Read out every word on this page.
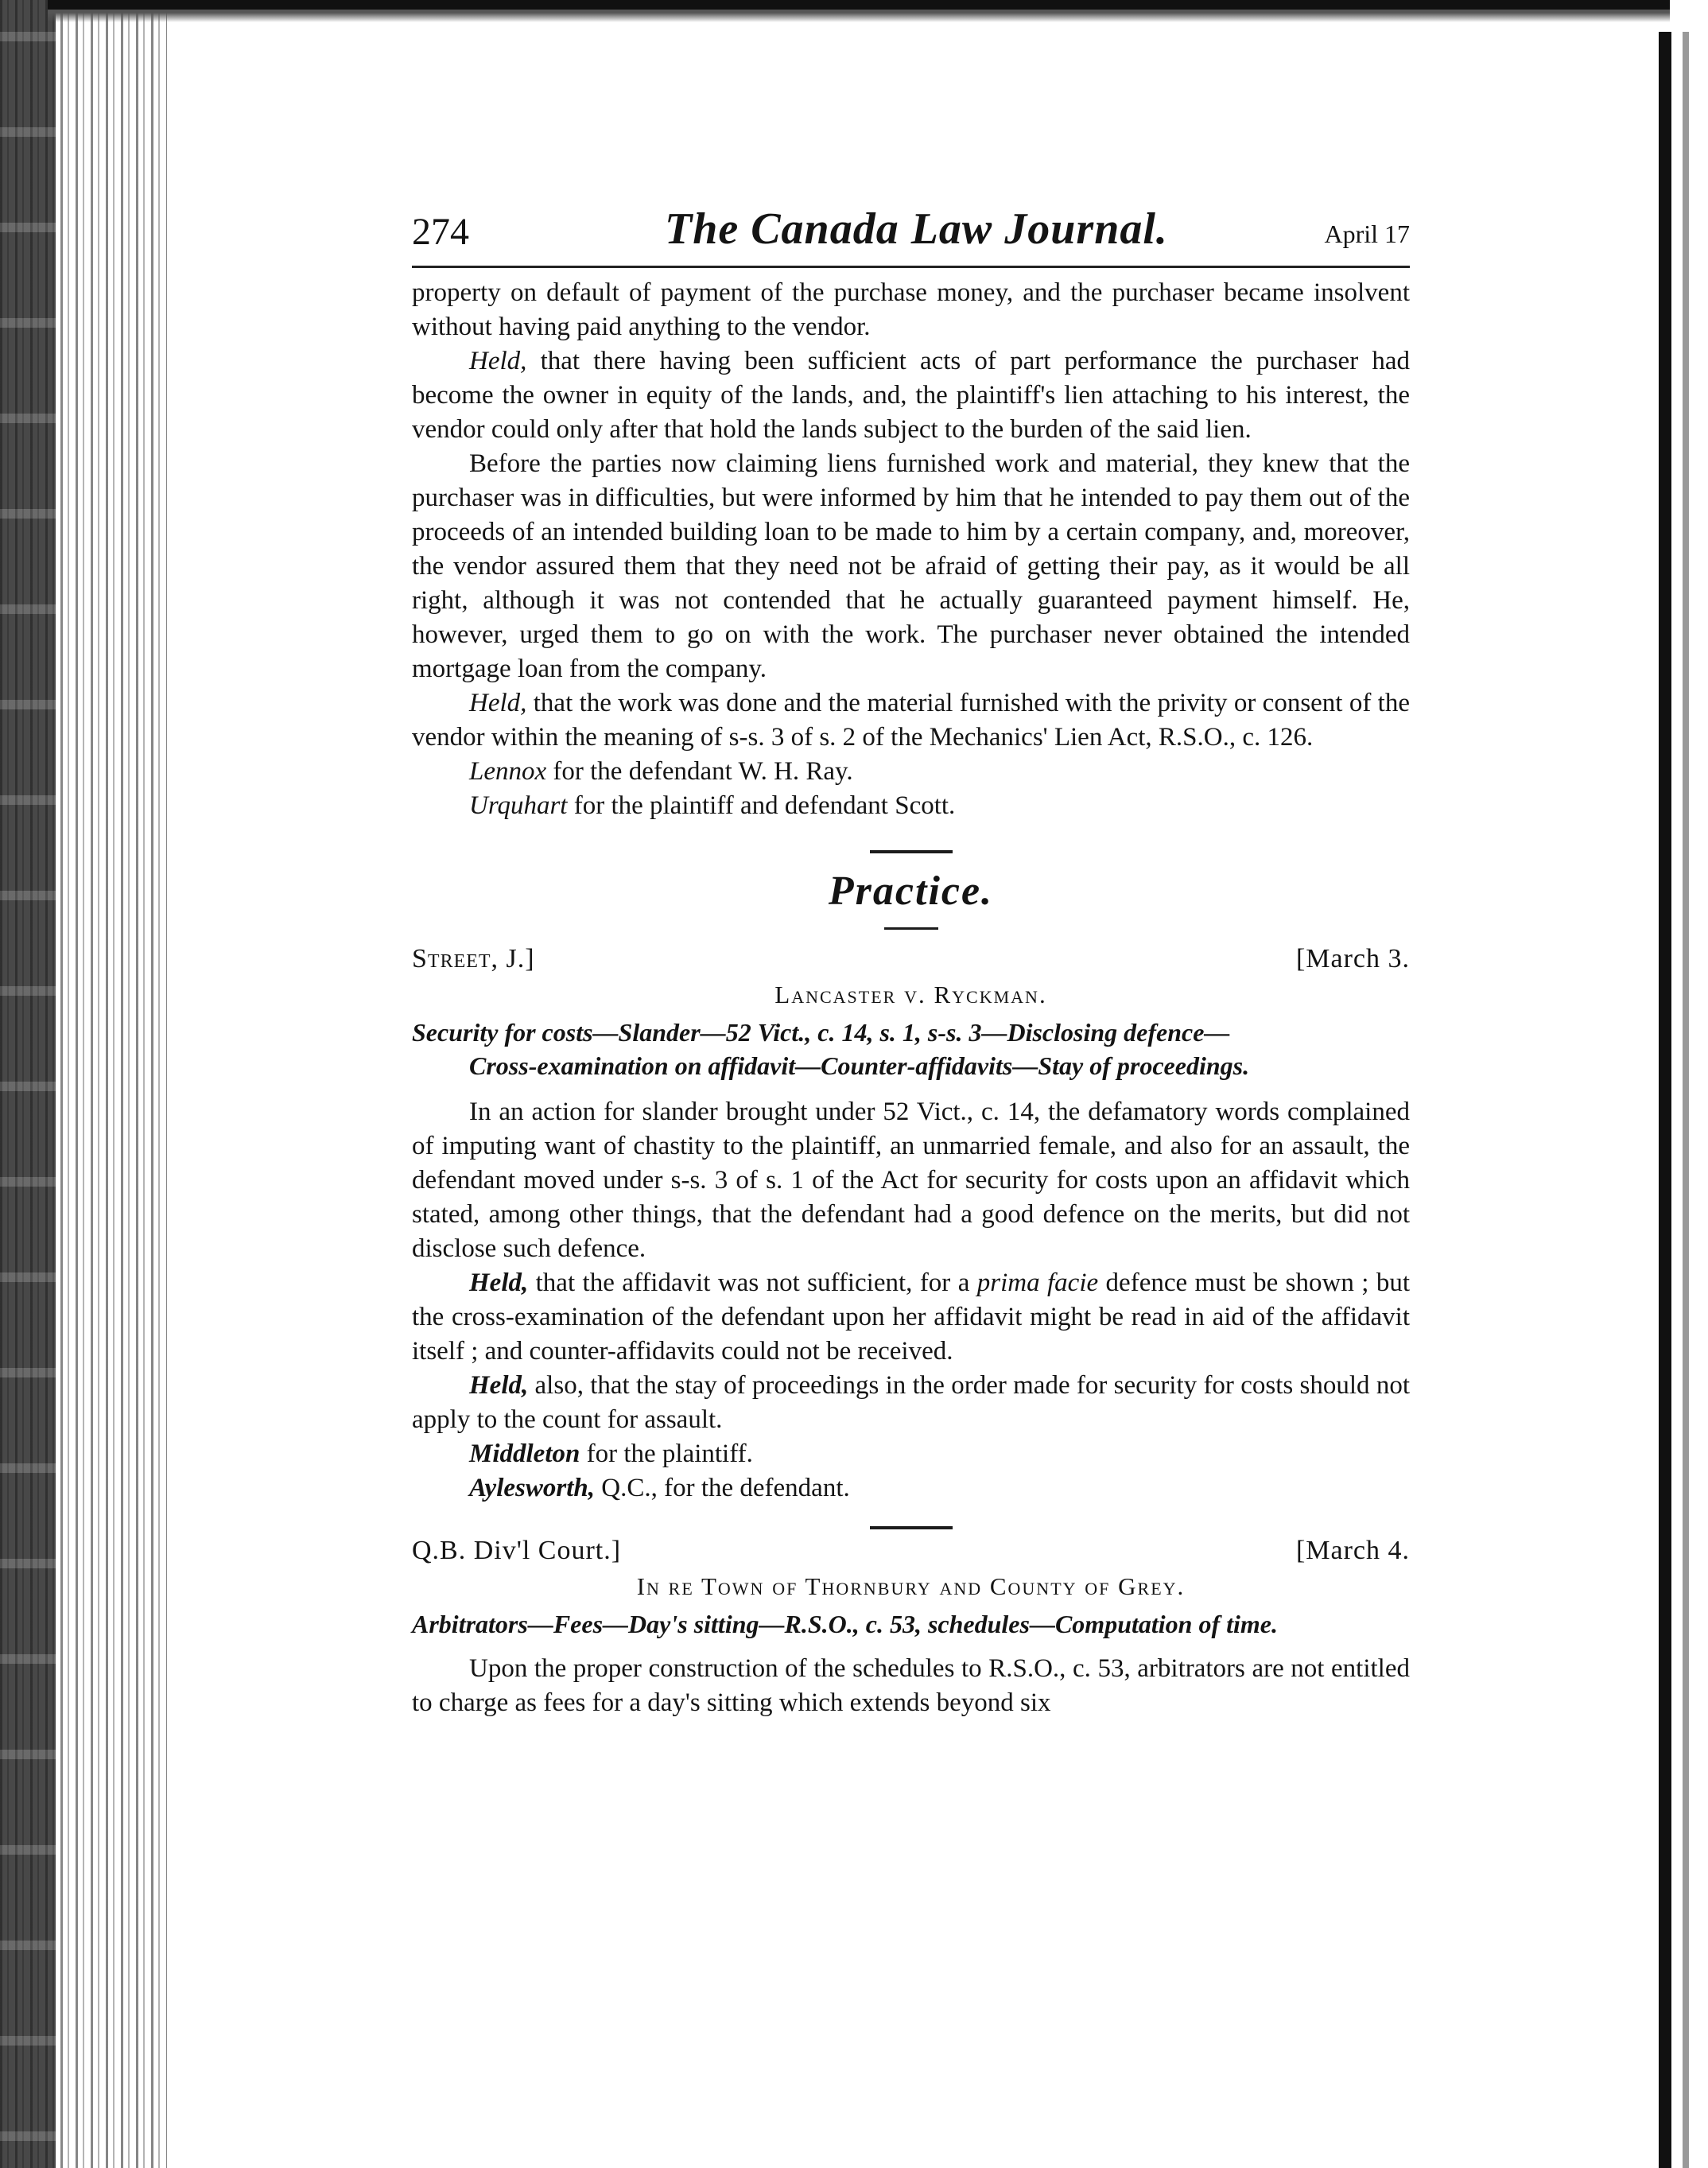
274	The Canada Law Journal.	April 17

property on default of payment of the purchase money, and the purchaser became insolvent without having paid anything to the vendor.

Held, that there having been sufficient acts of part performance the purchaser had become the owner in equity of the lands, and, the plaintiff's lien attaching to his interest, the vendor could only after that hold the lands subject to the burden of the said lien.

Before the parties now claiming liens furnished work and material, they knew that the purchaser was in difficulties, but were informed by him that he intended to pay them out of the proceeds of an intended building loan to be made to him by a certain company, and, moreover, the vendor assured them that they need not be afraid of getting their pay, as it would be all right, although it was not contended that he actually guaranteed payment himself. He, however, urged them to go on with the work. The purchaser never obtained the intended mortgage loan from the company.

Held, that the work was done and the material furnished with the privity or consent of the vendor within the meaning of s-s. 3 of s. 2 of the Mechanics' Lien Act, R.S.O., c. 126.

Lennox for the defendant W. H. Ray.

Urquhart for the plaintiff and defendant Scott.

Practice.
Street, J.]	[March 3.
Lancaster v. Ryckman.

Security for costs—Slander—52 Vict., c. 14, s. 1, s-s. 3—Disclosing defence—
Cross-examination on affidavit—Counter-affidavits—Stay of proceedings.

In an action for slander brought under 52 Vict., c. 14, the defamatory words complained of imputing want of chastity to the plaintiff, an unmarried female, and also for an assault, the defendant moved under s-s. 3 of s. 1 of the Act for security for costs upon an affidavit which stated, among other things, that the defendant had a good defence on the merits, but did not disclose such defence.

Held, that the affidavit was not sufficient, for a prima facie defence must be shown ; but the cross-examination of the defendant upon her affidavit might be read in aid of the affidavit itself ; and counter-affidavits could not be received.

Held, also, that the stay of proceedings in the order made for security for costs should not apply to the count for assault.

Middleton for the plaintiff.

Aylesworth, Q.C., for the defendant.

Q.B. Div'l Court.]	[March 4.
In re Town of Thornbury and County of Grey.

Arbitrators—Fees—Day's sitting—R.S.O., c. 53, schedules—Computation of time.

Upon the proper construction of the schedules to R.S.O., c. 53, arbitrators are not entitled to charge as fees for a day's sitting which extends beyond six
